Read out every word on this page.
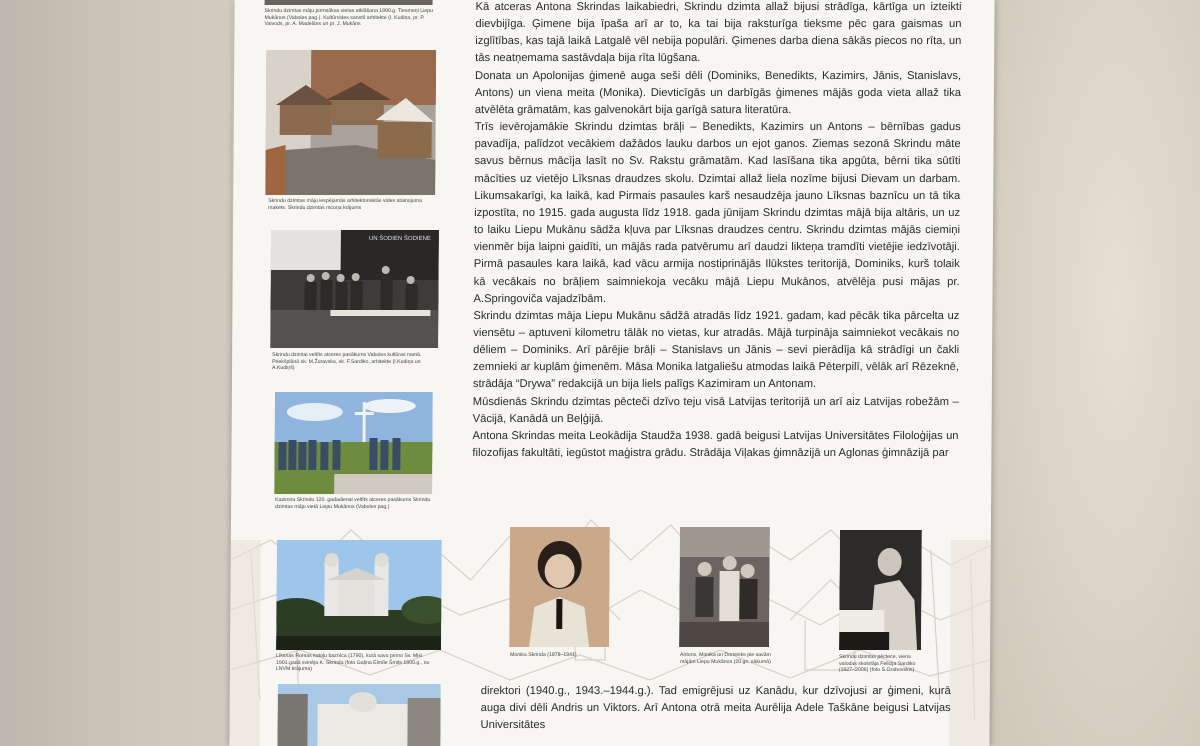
Skrindu dzimtas māju pirmsākas vietas atklāšana 1990.g. Tiesmeņi Liepu Mukānos (Vaboles pag.). Kultūrvides sanstš arhitekte (I. Kudiņa, pr. P. Vaivods, pr. A. Madelāns un pr. J. Mukāns
Skrindu dzimtas māju iespējamās arhitektoniskās vides atainojuma makets. Skrindu dzimtas mcoņa krājums
UN ŠODIEN ŠODIENE
Skrindu dzimtai veltīts atceres pasākums Vaboles kultūras namā. Priekšplānā sk. M.Žuravska, sk. F.Sardiko, arhitekte (I.Kudiņa un A.Kudiņš)
Kazimira Skrindu 120. gadadienai veltīts atceres pasākums Skrindu dzimtas māju vietā Liepu Mukānos (Vaboles pag.)
Līksnas Romas katoļu baznīca (1790), kurā savu pirmo Sv. Misi 1901.gadā svinēja K. Skrinda (foto Gaļina Elmīle Šmits 1900.g., no LNVM krājuma)
Monika Skrinda (1878–1941)	Antons, Monika un Dominiks pie savām mājām Liepu Mukānos (20.gs. sākumā)
Skrindu dzimtas pēctece, viena valodas skolotāja Felicija Sardiko (1927–2006) (foto S.Grabovskis)

Kā atceras Antona Skrindas laikabiedri, Skrindu dzimta allaž bijusi strādīga, kārtīga un izteikti dievbijīga. Ģimene bija īpaša arī ar to, ka tai bija raksturīga tieksme pēc gara gaismas un izglītības, kas tajā laikā Latgalē vēl nebija populāri. Ģimenes darba diena sākās piecos no rīta, un tās neatņemama sastāvdaļa bija rīta lūgšana.

Donata un Apolonijas ģimenē auga seši dēli (Dominiks, Benedikts, Kazimirs, Jānis, Stanislavs, Antons) un viena meita (Monika). Dievticīgās un darbīgās ģimenes mājās goda vieta allaž tika atvēlēta grāmatām, kas galvenokārt bija garīgā satura literatūra.

Trīs ievērojamākie Skrindu dzimtas brāļi – Benedikts, Kazimirs un Antons – bērnības gadus pavadīja, palīdzot vecākiem dažādos lauku darbos un ejot ganos. Ziemas sezonā Skrindu māte savus bērnus mācīja lasīt no Sv. Rakstu grāmatām. Kad lasīšana tika apgūta, bērni tika sūtīti mācīties uz vietējo Līksnas draudzes skolu. Dzimtai allaž liela nozīme bijusi Dievam un darbam. Likumsakarīgi, ka laikā, kad Pirmais pasaules karš nesaudzēja jauno Līksnas baznīcu un tā tika izpostīta, no 1915. gada augusta līdz 1918. gada jūnijam Skrindu dzimtas mājā bija altāris, un uz to laiku Liepu Mukānu sādža kļuva par Līksnas draudzes centru. Skrindu dzimtas mājās ciemiņi vienmēr bija laipni gaidīti, un mājās rada patvērumu arī daudzi likteņa tramdīti vietējie iedzīvotāji. Pirmā pasaules kara laikā, kad vācu armija nostiprinājās Ilūkstes teritorijā, Dominiks, kurš tolaik kā vecākais no brāļiem saimniekoja vecāku mājā Liepu Mukānos, atvēlēja pusi mājas pr. A.Springoviča vajadzībām.

Skrindu dzimtas māja Liepu Mukānu sādžā atradās līdz 1921. gadam, kad pēcāk tika pārcelta uz viensētu – aptuveni kilometru tālāk no vietas, kur atradās. Mājā turpināja saimniekot vecākais no dēliem – Dominiks. Arī pārējie brāļi – Stanislavs un Jānis – sevi pierādīja kā strādīgi un čakli zemnieki ar kuplām ģimenēm. Māsa Monika latgaliešu atmodas laikā Pēterpilī, vēlāk arī Rēzeknē, strādāja “Drywa” redakcijā un bija liels palīgs Kazimiram un Antonam.

Mūsdienās Skrindu dzimtas pēcteči dzīvo teju visā Latvijas teritorijā un arī aiz Latvijas robežām – Vācijā, Kanādā un Beļģijā.

Antona Skrindas meita Leokādija Staudža 1938. gadā beigusi Latvijas Universitātes Filoloģijas un filozofijas fakultāti, iegūstot maģistra grādu. Strādāja Viļakas ģimnāzijā un Aglonas ģimnāzijā par

direktori (1940.g., 1943.–1944.g.). Tad emigrējusi uz Kanādu, kur dzīvojusi ar ģimeni, kurā auga divi dēli Andris un Viktors. Arī Antona otrā meita Aurēlija Adele Taškāne beigusi Latvijas Universitātes
